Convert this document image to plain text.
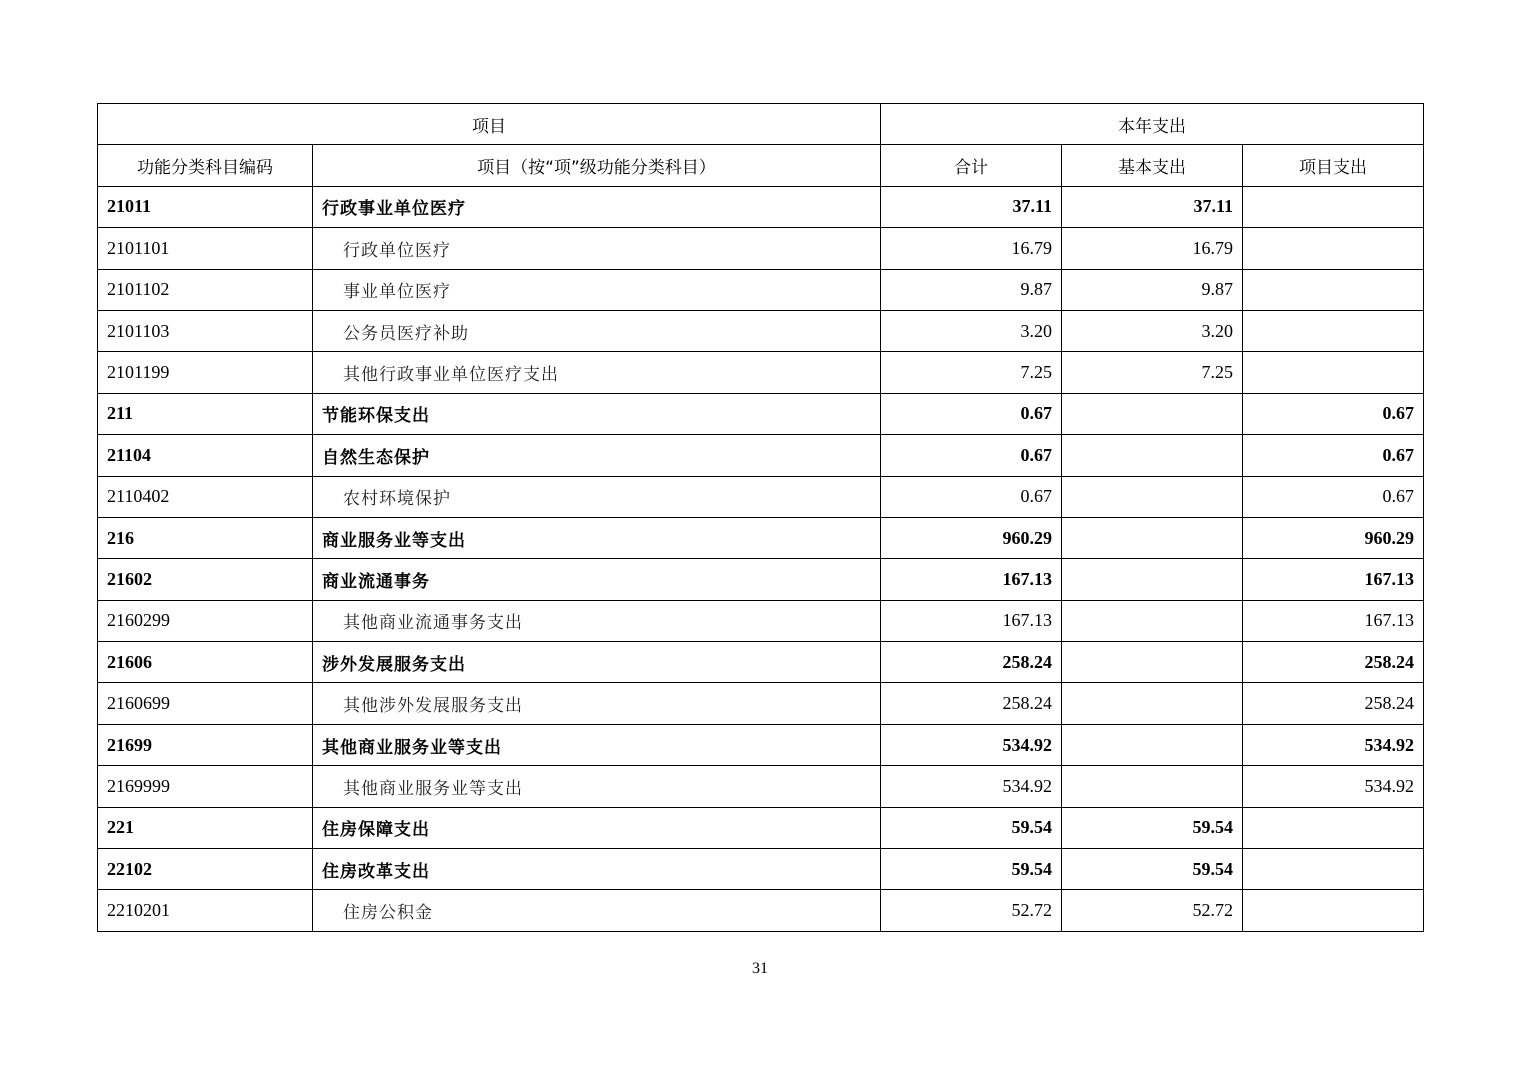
项目		本年支出		
功能分类科目编码	项目（按“项”级功能分类科目）	合计	基本支出	项目支出
21011	行政事业单位医疗	37.11	37.11	
2101101	行政单位医疗	16.79	16.79	
2101102	事业单位医疗	9.87	9.87	
2101103	公务员医疗补助	3.20	3.20	
2101199	其他行政事业单位医疗支出	7.25	7.25	
211	节能环保支出	0.67		0.67
21104	自然生态保护	0.67		0.67
2110402	农村环境保护	0.67		0.67
216	商业服务业等支出	960.29		960.29
21602	商业流通事务	167.13		167.13
2160299	其他商业流通事务支出	167.13		167.13
21606	涉外发展服务支出	258.24		258.24
2160699	其他涉外发展服务支出	258.24		258.24
21699	其他商业服务业等支出	534.92		534.92
2169999	其他商业服务业等支出	534.92		534.92
221	住房保障支出	59.54	59.54	
22102	住房改革支出	59.54	59.54	
2210201	住房公积金	52.72	52.72	
31
